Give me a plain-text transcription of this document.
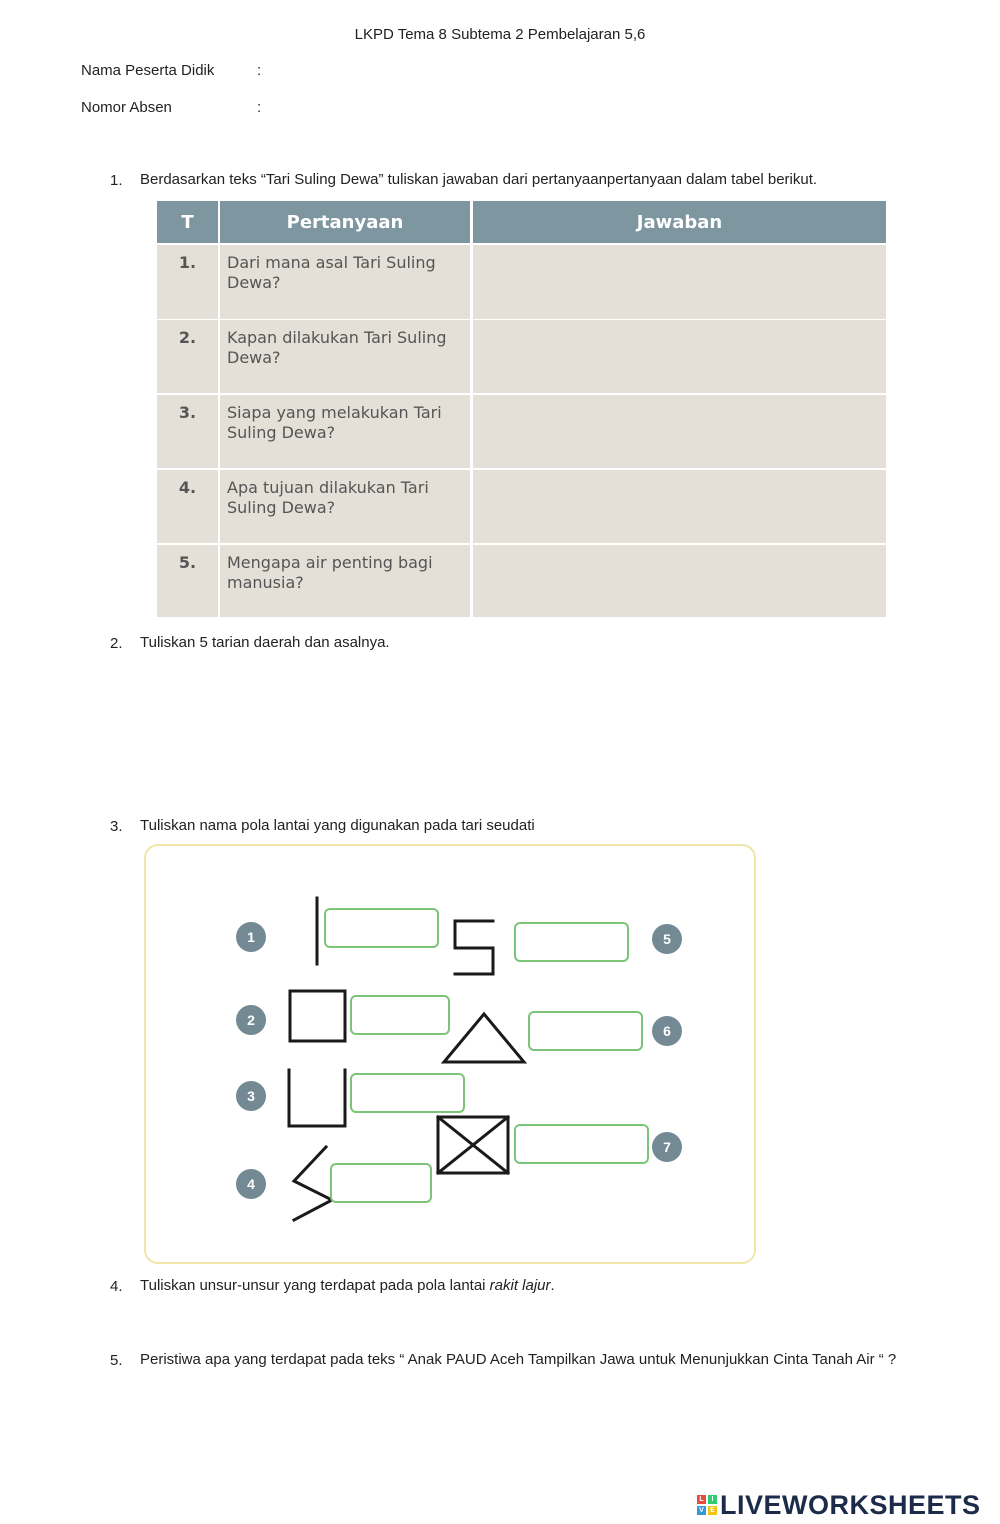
LKPD Tema 8 Subtema 2 Pembelajaran 5,6
Nama Peserta Didik	:
Nomor Absen	:
1. Berdasarkan teks “Tari Suling Dewa” tuliskan jawaban dari pertanyaanpertanyaan dalam tabel berikut.
T	Pertanyaan	Jawaban
1.	Dari mana asal Tari Suling Dewa?
2.	Kapan dilakukan Tari Suling Dewa?
3.	Siapa yang melakukan Tari Suling Dewa?
4.	Apa tujuan dilakukan Tari Suling Dewa?
5.	Mengapa air penting bagi manusia?
2. Tuliskan 5 tarian daerah dan asalnya.
3. Tuliskan nama pola lantai yang digunakan pada tari seudati
1
2
3
4
5
6
7
4. Tuliskan unsur-unsur yang terdapat pada pola lantai rakit lajur.
5. Peristiwa apa yang terdapat pada teks “ Anak PAUD Aceh Tampilkan Jawa untuk Menunjukkan Cinta Tanah Air “ ?
L	I
V E LIVEWORKSHEETS
